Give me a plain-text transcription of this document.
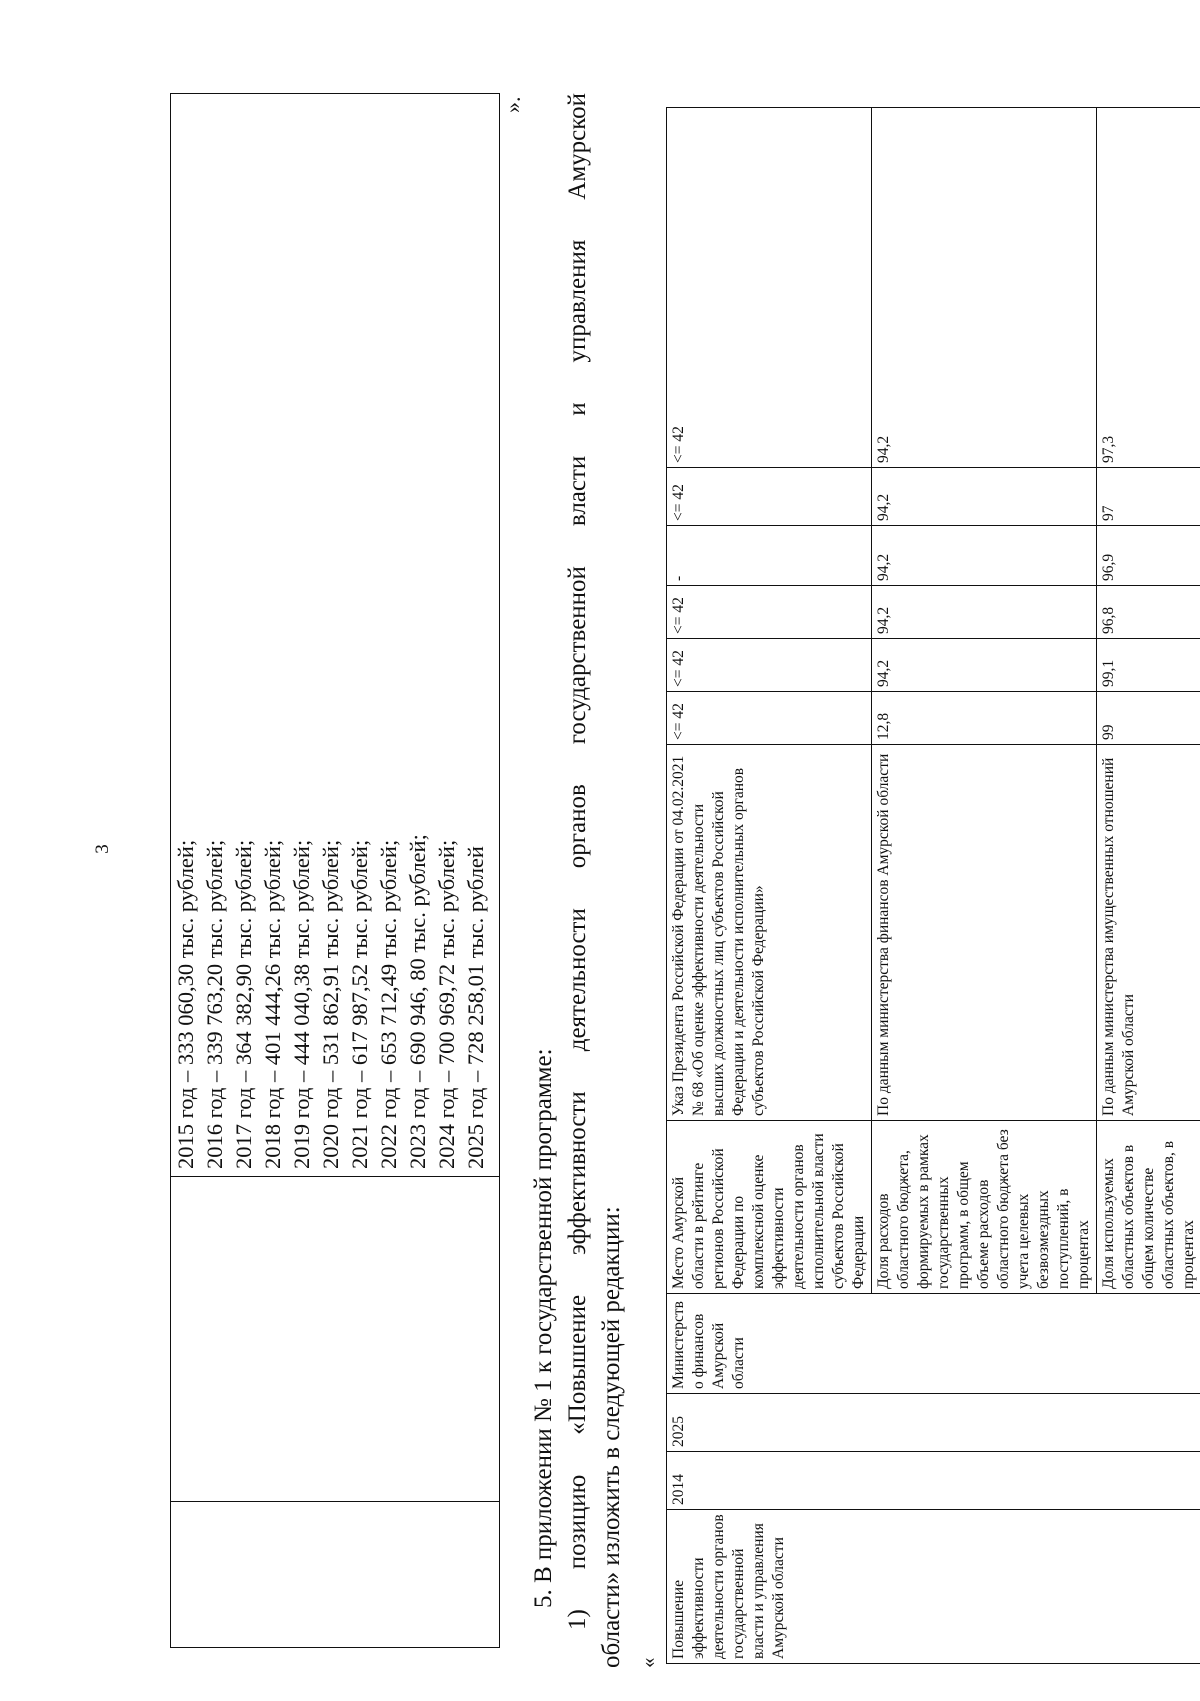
3	2015 год – 333 060,30 тыс. рублей; 2016 год – 339 763,20 тыс. рублей; 2017 год – 364 382,90 тыс. рублей; 2018 год – 401 444,26 тыс. рублей; 2019 год – 444 040,38 тыс. рублей; 2020 год – 531 862,91 тыс. рублей; 2021 год – 617 987,52 тыс. рублей; 2022 год – 653 712,49 тыс. рублей; 2023 год – 690 946, 80 тыс. рублей; 2024 год – 700 969,72 тыс. рублей; 2025 год – 728 258,01 тыс. рублей
».
5. В приложении № 1 к государственной программе: 1) позицию «Повышение эффективности деятельности органов государственной власти и управления Амурской области» изложить в следующей редакции: «
Повышение эффективности деятельности органов государственной власти и управления Амурской области	2014	2025	Министерство финансов Амурской области	Место Амурской области в рейтинге регионов Российской Федерации по комплексной оценке эффективности деятельности органов исполнительной власти субъектов Российской Федерации	Указ Президента Российской Федерации от 04.02.2021 № 68 «Об оценке эффективности деятельности высших должностных лиц субъектов Российской Федерации и деятельности исполнительных органов субъектов Российской Федерации»	<= 42	<= 42	<= 42	-	<= 42	<= 42
				Доля расходов областного бюджета, формируемых в рамках государственных программ, в общем объеме расходов областного бюджета без учета целевых безвозмездных поступлений, в процентах	По данным министерства финансов Амурской области	12,8	94,2	94,2	94,2	94,2	94,2
				Доля используемых областных объектов в общем количестве областных объектов, в процентах	По данным министерства имущественных отношений Амурской области	99	99,1	96,8	96,9	97	97,3
